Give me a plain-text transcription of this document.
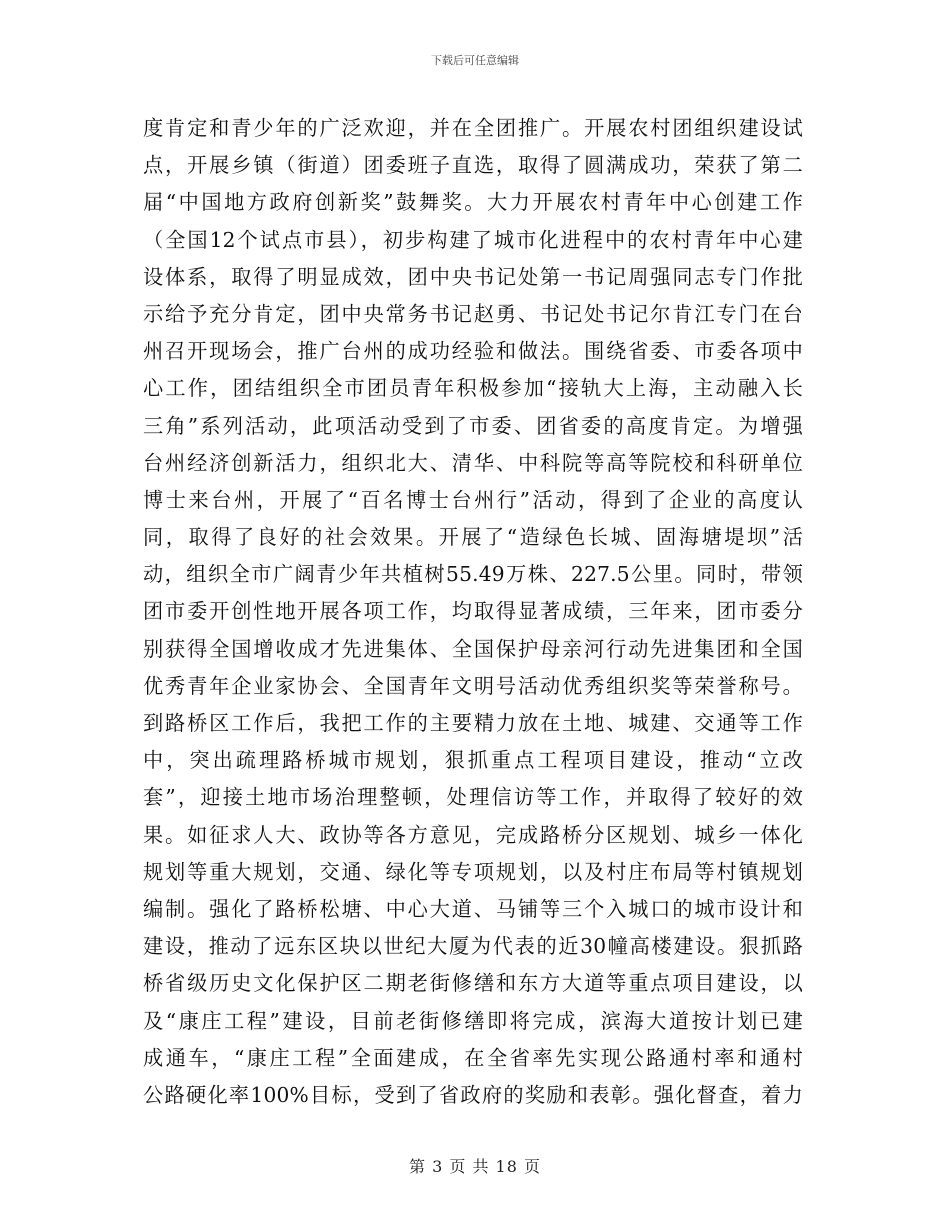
下载后可任意编辑
度肯定和青少年的广泛欢迎，并在全团推广。开展农村团组织建设试
点，开展乡镇（街道）团委班子直选，取得了圆满成功，荣获了第二
届“中国地方政府创新奖”鼓舞奖。大力开展农村青年中心创建工作
（全国12个试点市县），初步构建了城市化进程中的农村青年中心建
设体系，取得了明显成效，团中央书记处第一书记周强同志专门作批
示给予充分肯定，团中央常务书记赵勇、书记处书记尔肯江专门在台
州召开现场会，推广台州的成功经验和做法。围绕省委、市委各项中
心工作，团结组织全市团员青年积极参加“接轨大上海，主动融入长
三角”系列活动，此项活动受到了市委、团省委的高度肯定。为增强
台州经济创新活力，组织北大、清华、中科院等高等院校和科研单位
博士来台州，开展了“百名博士台州行”活动，得到了企业的高度认
同，取得了良好的社会效果。开展了“造绿色长城、固海塘堤坝”活
动，组织全市广阔青少年共植树55.49万株、227.5公里。同时，带领
团市委开创性地开展各项工作，均取得显著成绩，三年来，团市委分
别获得全国增收成才先进集体、全国保护母亲河行动先进集团和全国
优秀青年企业家协会、全国青年文明号活动优秀组织奖等荣誉称号。
到路桥区工作后，我把工作的主要精力放在土地、城建、交通等工作
中，突出疏理路桥城市规划，狠抓重点工程项目建设，推动“立改
套”，迎接土地市场治理整顿，处理信访等工作，并取得了较好的效
果。如征求人大、政协等各方意见，完成路桥分区规划、城乡一体化
规划等重大规划，交通、绿化等专项规划，以及村庄布局等村镇规划
编制。强化了路桥松塘、中心大道、马铺等三个入城口的城市设计和
建设，推动了远东区块以世纪大厦为代表的近30幢高楼建设。狠抓路
桥省级历史文化保护区二期老街修缮和东方大道等重点项目建设，以
及“康庄工程”建设，目前老街修缮即将完成，滨海大道按计划已建
成通车，“康庄工程”全面建成，在全省率先实现公路通村率和通村
公路硬化率100%目标，受到了省政府的奖励和表彰。强化督查，着力
第 3 页 共 18 页
